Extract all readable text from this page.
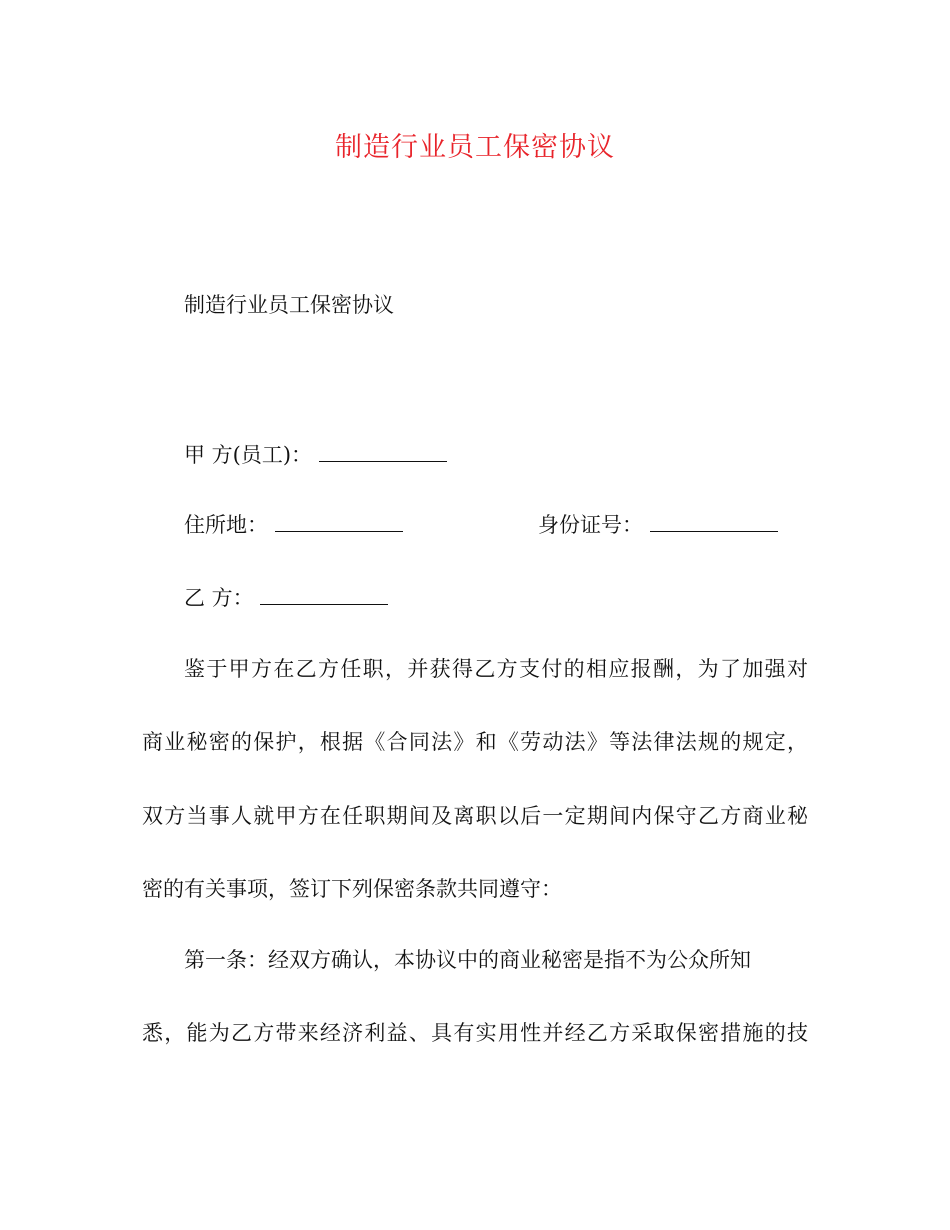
制造行业员工保密协议
制造行业员工保密协议
甲 方(员工)：
住所地：	身份证号：
乙 方：
鉴于甲方在乙方任职，并获得乙方支付的相应报酬，为了加强对
商业秘密的保护，根据《合同法》和《劳动法》等法律法规的规定，
双方当事人就甲方在任职期间及离职以后一定期间内保守乙方商业秘
密的有关事项，签订下列保密条款共同遵守：
第一条：经双方确认，本协议中的商业秘密是指不为公众所知
悉，能为乙方带来经济利益、具有实用性并经乙方采取保密措施的技
